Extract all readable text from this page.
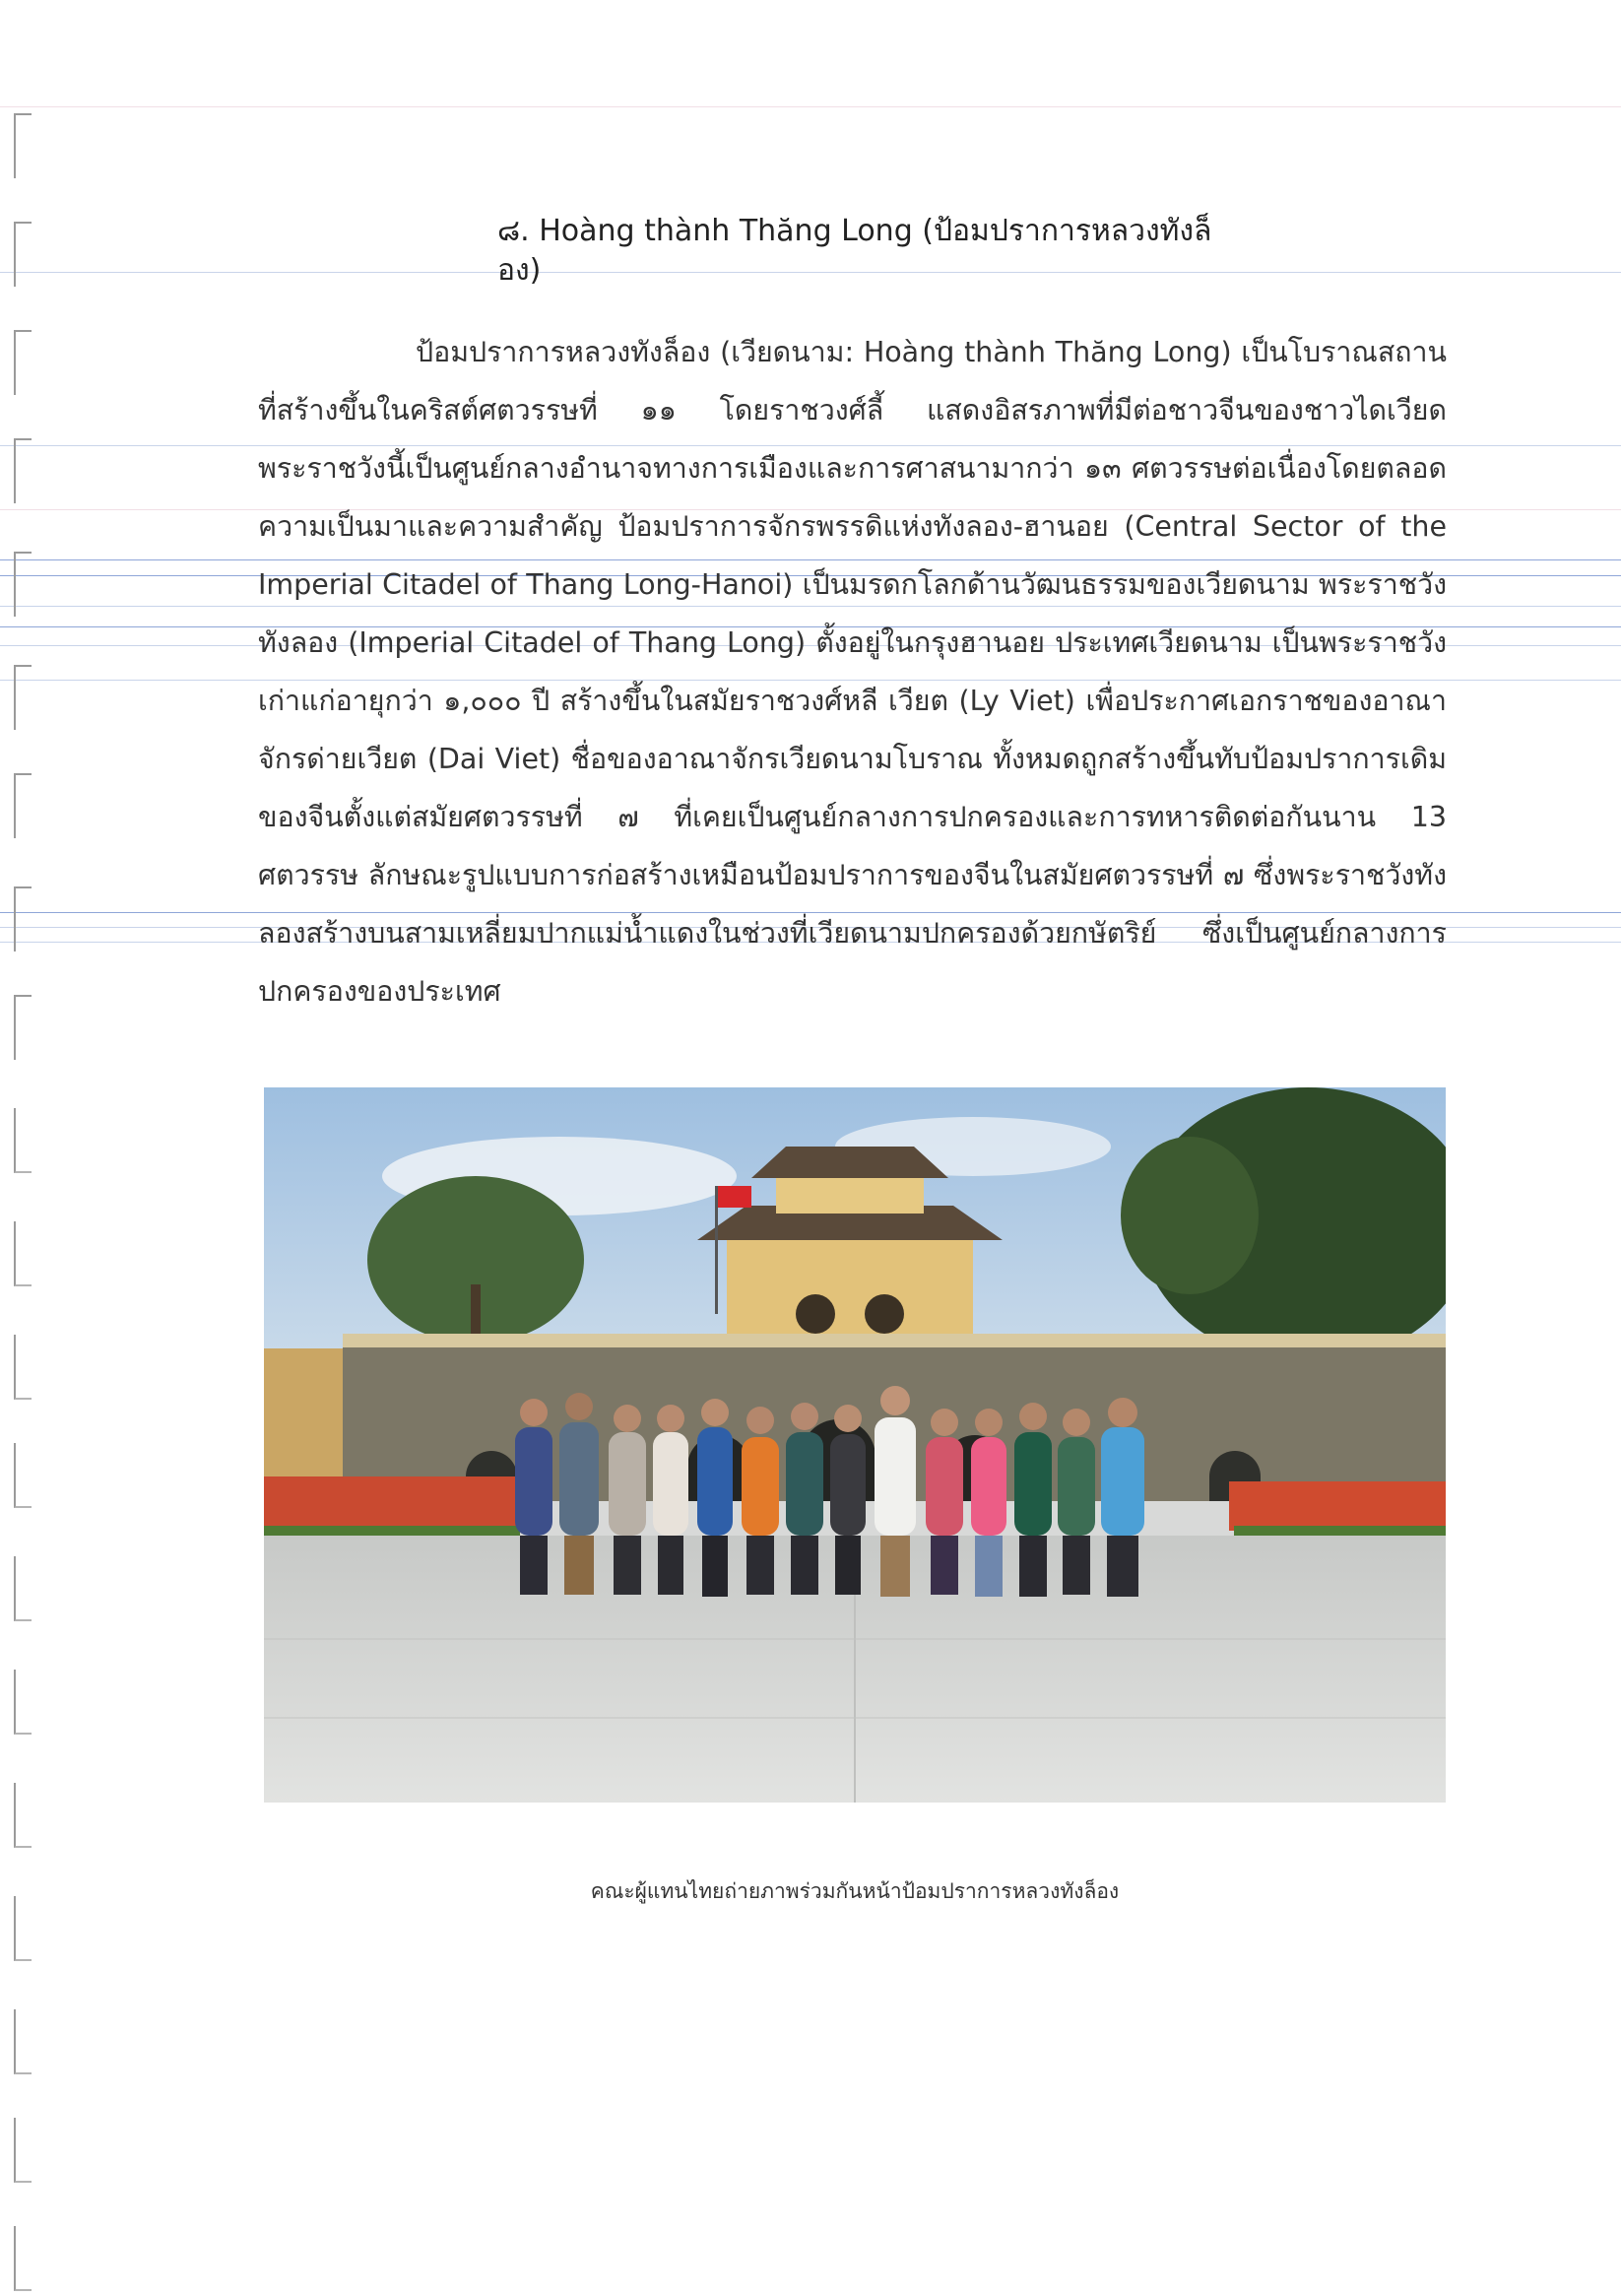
๘. Hoàng thành Thăng Long (ป้อมปราการหลวงทังล็อง)

ป้อมปราการหลวงทังล็อง (เวียดนาม: Hoàng thành Thăng Long) เป็นโบราณสถานที่สร้างขึ้นในคริสต์ศตวรรษที่ ๑๑ โดยราชวงศ์ลี้ แสดงอิสรภาพที่มีต่อชาวจีนของชาวไดเวียด พระราชวังนี้เป็นศูนย์กลางอำนาจทางการเมืองและการศาสนามากว่า ๑๓ ศตวรรษต่อเนื่องโดยตลอด ความเป็นมาและความสำคัญ ป้อมปราการจักรพรรดิแห่งทังลอง-ฮานอย (Central Sector of the Imperial Citadel of Thang Long-Hanoi) เป็นมรดกโลกด้านวัฒนธรรมของเวียดนาม พระราชวังทังลอง (Imperial Citadel of Thang Long) ตั้งอยู่ในกรุงฮานอย ประเทศเวียดนาม เป็นพระราชวังเก่าแก่อายุกว่า ๑,๐๐๐ ปี สร้างขึ้นในสมัยราชวงศ์หลี เวียต (Ly Viet) เพื่อประกาศเอกราชของอาณาจักรด่ายเวียต (Dai Viet) ชื่อของอาณาจักรเวียดนามโบราณ ทั้งหมดถูกสร้างขึ้นทับป้อมปราการเดิมของจีนตั้งแต่สมัยศตวรรษที่ ๗ ที่เคยเป็นศูนย์กลางการปกครองและการทหารติดต่อกันนาน 13 ศตวรรษ ลักษณะรูปแบบการก่อสร้างเหมือนป้อมปราการของจีนในสมัยศตวรรษที่ ๗ ซึ่งพระราชวังทังลองสร้างบนสามเหลี่ยมปากแม่น้ำแดงในช่วงที่เวียดนามปกครองด้วยกษัตริย์ ซึ่งเป็นศูนย์กลางการปกครองของประเทศ

คณะผู้แทนไทยถ่ายภาพร่วมกันหน้าป้อมปราการหลวงทังล็อง
